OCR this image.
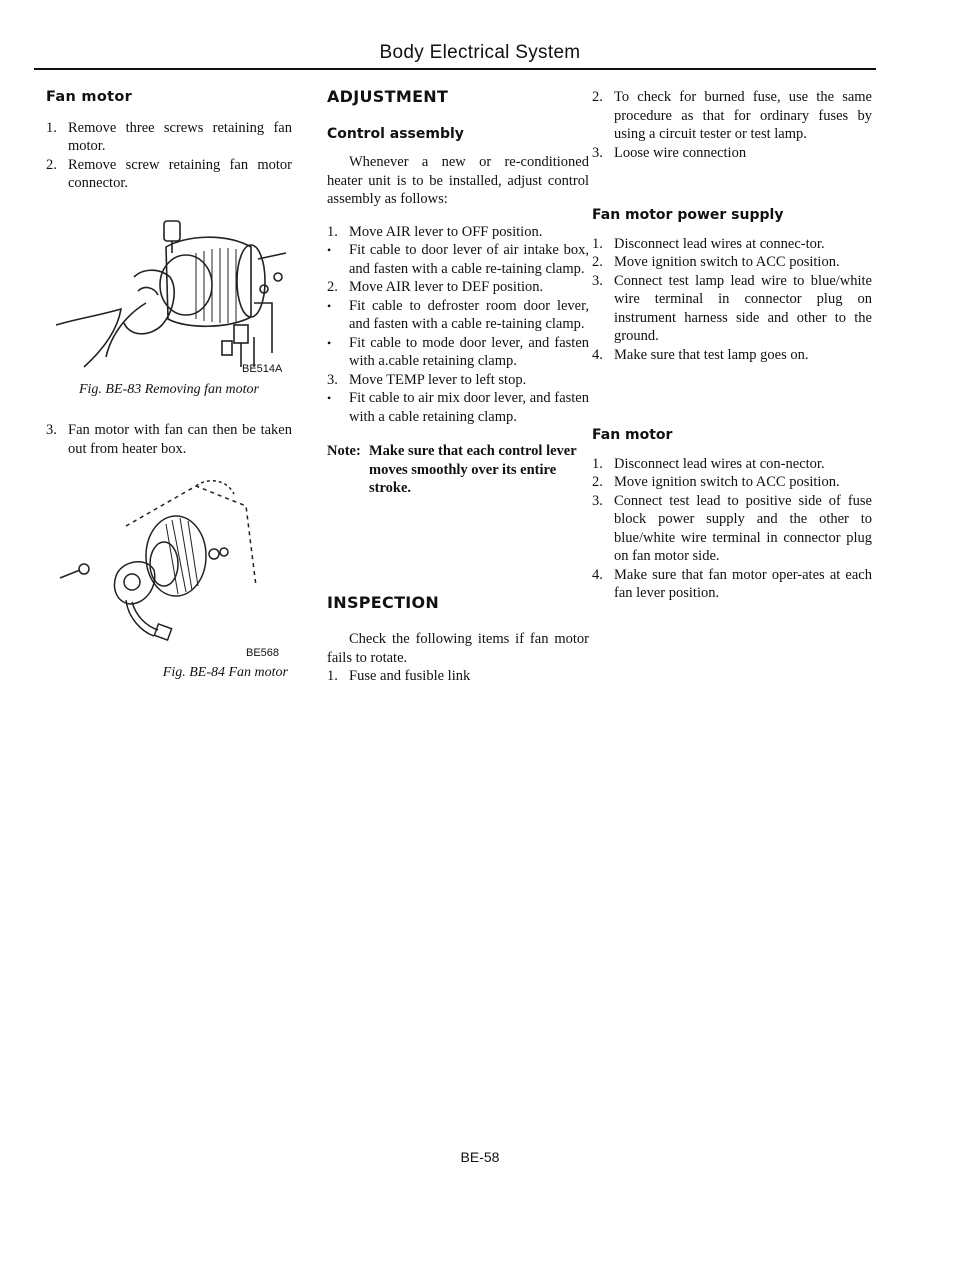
Body Electrical System
Fan motor
1. Remove three screws retaining fan motor.
2. Remove screw retaining fan motor connector.
BE514A
Fig. BE-83 Removing fan motor
3. Fan motor with fan can then be taken out from heater box.
BE568
Fig. BE-84 Fan motor
ADJUSTMENT
Control assembly

Whenever a new or re-conditioned heater unit is to be installed, adjust control assembly as follows:

1. Move AIR lever to OFF position.
•	Fit cable to door lever of air intake box, and fasten with a cable re-taining clamp.
2. Move AIR lever to DEF position.
•	Fit cable to defroster room door lever, and fasten with a cable re-taining clamp.
•	Fit cable to mode door lever, and fasten with a.cable retaining clamp.
3. Move TEMP lever to left stop.
•	Fit cable to air mix door lever, and fasten with a cable retaining clamp.
Note: Make sure that each control lever moves smoothly over its entire stroke.
INSPECTION

Check the following items if fan motor fails to rotate.

1. Fuse and fusible link
2. To check for burned fuse, use the same procedure as that for ordinary fuses by using a circuit tester or test lamp.
3. Loose wire connection
Fan motor power supply
1. Disconnect lead wires at connec-tor.
2. Move ignition switch to ACC position.
3. Connect test lamp lead wire to blue/white wire terminal in connector plug on instrument harness side and other to the ground.
4. Make sure that test lamp goes on.
Fan motor
1. Disconnect lead wires at con-nector.
2. Move ignition switch to ACC position.
3. Connect test lead to positive side of fuse block power supply and the other to blue/white wire terminal in connector plug on fan motor side.
4. Make sure that fan motor oper-ates at each fan lever position.
BE-58
